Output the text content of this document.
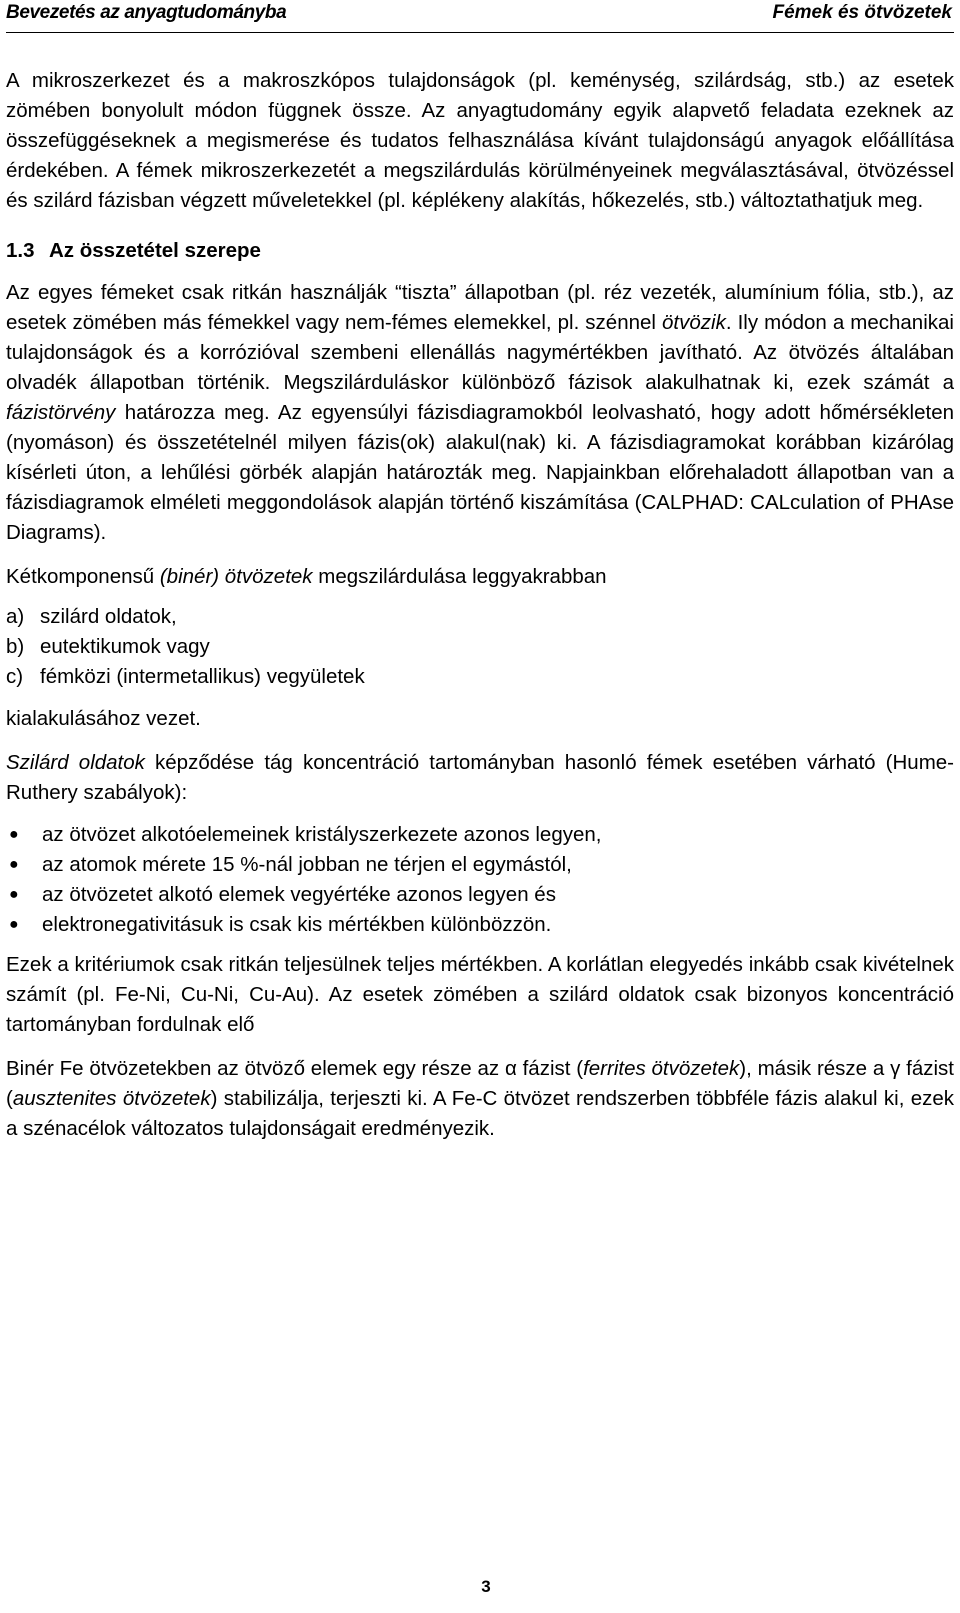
Bevezetés az anyagtudományba	Fémek és ötvözetek

A mikroszerkezet és a makroszkópos tulajdonságok (pl. keménység, szilárdság, stb.) az esetek zömében bonyolult módon függnek össze. Az anyagtudomány egyik alapvető feladata ezeknek az összefüggéseknek a megismerése és tudatos felhasználása kívánt tulajdonságú anyagok előállítása érdekében. A fémek mikroszerkezetét a megszilárdulás körülményeinek megválasztásával, ötvözéssel és szilárd fázisban végzett műveletekkel (pl. képlékeny alakítás, hőkezelés, stb.) változtathatjuk meg.

1.3 Az összetétel szerepe

Az egyes fémeket csak ritkán használják “tiszta” állapotban (pl. réz vezeték, alumínium fólia, stb.), az esetek zömében más fémekkel vagy nem-fémes elemekkel, pl. szénnel ötvözik. Ily módon a mechanikai tulajdonságok és a korrózióval szembeni ellenállás nagymértékben javítható. Az ötvözés általában olvadék állapotban történik. Megszilárduláskor különböző fázisok alakulhatnak ki, ezek számát a fázistörvény határozza meg. Az egyensúlyi fázisdiagramokból leolvasható, hogy adott hőmérsékleten (nyomáson) és összetételnél milyen fázis(ok) alakul(nak) ki. A fázisdiagramokat korábban kizárólag kísérleti úton, a lehűlési görbék alapján határozták meg. Napjainkban előrehaladott állapotban van a fázisdiagramok elméleti meggondolások alapján történő kiszámítása (CALPHAD: CALculation of PHAse Diagrams).

Kétkomponensű (binér) ötvözetek megszilárdulása leggyakrabban

a) szilárd oldatok,
b) eutektikumok vagy
c) fémközi (intermetallikus) vegyületek

kialakulásához vezet.

Szilárd oldatok képződése tág koncentráció tartományban hasonló fémek esetében várható (Hume-Ruthery szabályok):

● az ötvözet alkotóelemeinek kristályszerkezete azonos legyen,
● az atomok mérete 15 %-nál jobban ne térjen el egymástól,
● az ötvözetet alkotó elemek vegyértéke azonos legyen és
● elektronegativitásuk is csak kis mértékben különbözzön.

Ezek a kritériumok csak ritkán teljesülnek teljes mértékben. A korlátlan elegyedés inkább csak kivételnek számít (pl. Fe-Ni, Cu-Ni, Cu-Au). Az esetek zömében a szilárd oldatok csak bizonyos koncentráció tartományban fordulnak elő

Binér Fe ötvözetekben az ötvöző elemek egy része az α fázist (ferrites ötvözetek), másik része a γ fázist (ausztenites ötvözetek) stabilizálja, terjeszti ki. A Fe-C ötvözet rendszerben többféle fázis alakul ki, ezek a szénacélok változatos tulajdonságait eredményezik.

3
